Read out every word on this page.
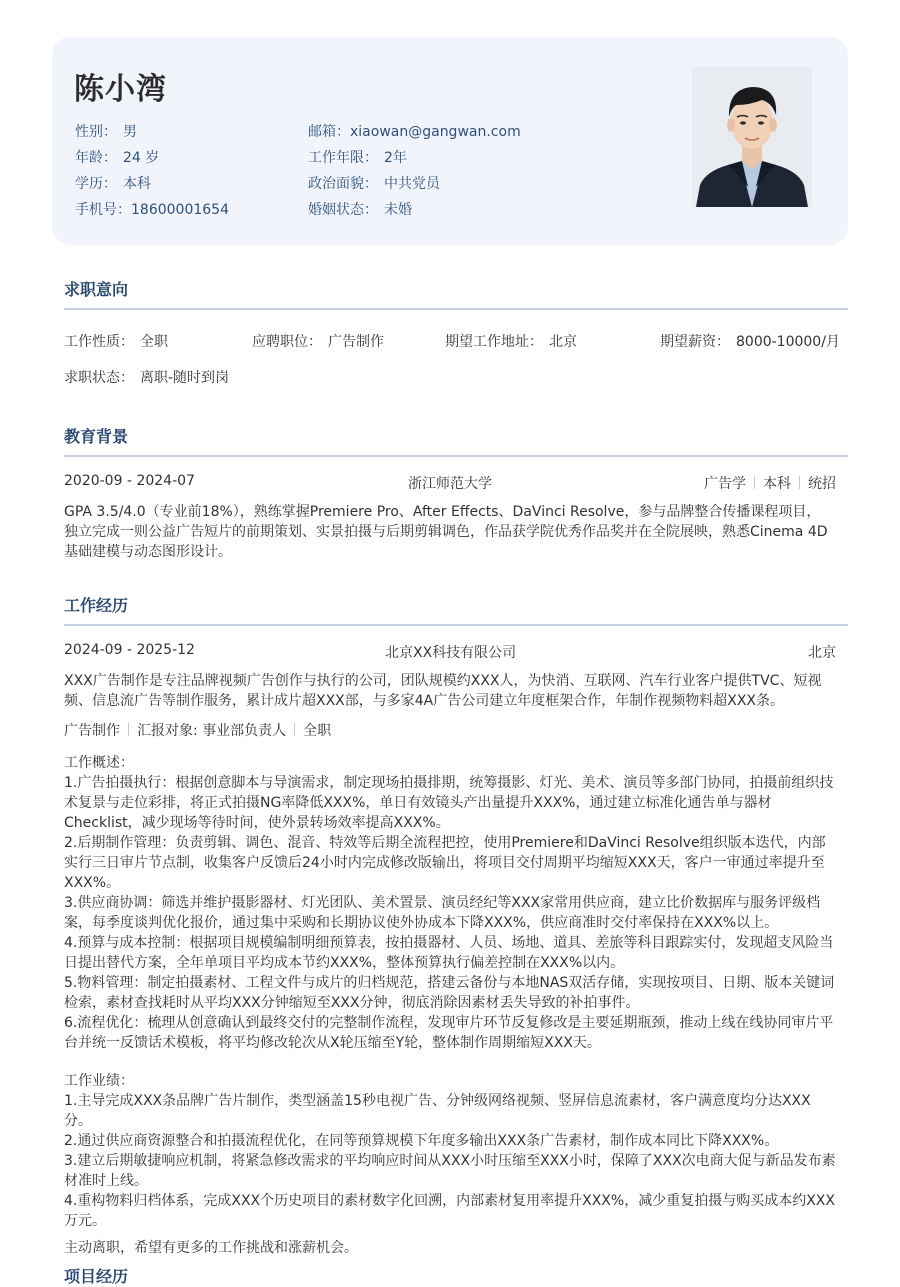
陈小湾
性别： 男	邮箱：xiaowan@gangwan.com
年龄： 24 岁	工作年限： 2年
学历： 本科	政治面貌： 中共党员
手机号：18600001654	婚姻状态： 未婚
求职意向
工作性质： 全职	应聘职位： 广告制作	期望工作地址： 北京	期望薪资： 8000-10000/月
求职状态： 离职-随时到岗
教育背景
2020-09 - 2024-07	浙江师范大学	广告学 本科 统招

GPA 3.5/4.0（专业前18%），熟练掌握Premiere Pro、After Effects、DaVinci Resolve，参与品牌整合传播课程项目，独立完成一则公益广告短片的前期策划、实景拍摄与后期剪辑调色，作品获学院优秀作品奖并在全院展映，熟悉Cinema 4D基础建模与动态图形设计。

工作经历
2024-09 - 2025-12	北京XX科技有限公司	北京

XXX广告制作是专注品牌视频广告创作与执行的公司，团队规模约XXX人，为快消、互联网、汽车行业客户提供TVC、短视频、信息流广告等制作服务，累计成片超XXX部，与多家4A广告公司建立年度框架合作，年制作视频物料超XXX条。

广告制作 汇报对象: 事业部负责人 全职
工作概述：
1.广告拍摄执行：根据创意脚本与导演需求，制定现场拍摄排期，统筹摄影、灯光、美术、演员等多部门协同，拍摄前组织技术复景与走位彩排，将正式拍摄NG率降低XXX%，单日有效镜头产出量提升XXX%，通过建立标准化通告单与器材Checklist，减少现场等待时间，使外景转场效率提高XXX%。
2.后期制作管理：负责剪辑、调色、混音、特效等后期全流程把控，使用Premiere和DaVinci Resolve组织版本迭代，内部实行三日审片节点制，收集客户反馈后24小时内完成修改版输出，将项目交付周期平均缩短XXX天，客户一审通过率提升至XXX%。
3.供应商协调：筛选并维护摄影器材、灯光团队、美术置景、演员经纪等XXX家常用供应商，建立比价数据库与服务评级档案，每季度谈判优化报价，通过集中采购和长期协议使外协成本下降XXX%，供应商准时交付率保持在XXX%以上。
4.预算与成本控制：根据项目规模编制明细预算表，按拍摄器材、人员、场地、道具、差旅等科目跟踪实付，发现超支风险当日提出替代方案，全年单项目平均成本节约XXX%，整体预算执行偏差控制在XXX%以内。
5.物料管理：制定拍摄素材、工程文件与成片的归档规范，搭建云备份与本地NAS双活存储，实现按项目、日期、版本关键词检索，素材查找耗时从平均XXX分钟缩短至XXX分钟，彻底消除因素材丢失导致的补拍事件。
6.流程优化：梳理从创意确认到最终交付的完整制作流程，发现审片环节反复修改是主要延期瓶颈，推动上线在线协同审片平台并统一反馈话术模板，将平均修改轮次从X轮压缩至Y轮，整体制作周期缩短XXX天。
工作业绩：
1.主导完成XXX条品牌广告片制作，类型涵盖15秒电视广告、分钟级网络视频、竖屏信息流素材，客户满意度均分达XXX分。
2.通过供应商资源整合和拍摄流程优化，在同等预算规模下年度多输出XXX条广告素材，制作成本同比下降XXX%。
3.建立后期敏捷响应机制，将紧急修改需求的平均响应时间从XXX小时压缩至XXX小时，保障了XXX次电商大促与新品发布素材准时上线。
4.重构物料归档体系，完成XXX个历史项目的素材数字化回溯，内部素材复用率提升XXX%，减少重复拍摄与购买成本约XXX万元。
主动离职，希望有更多的工作挑战和涨薪机会。
项目经历
